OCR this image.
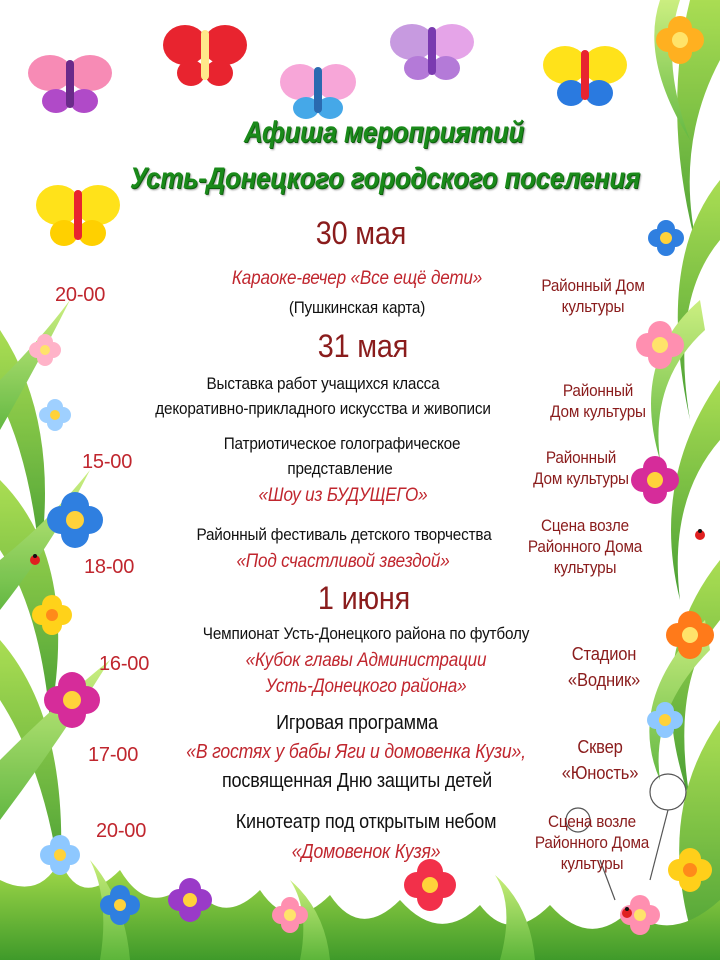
Афиша мероприятий
Усть-Донецкого городского поселения
30 мая
20-00
Караоке-вечер «Все ещё дети»
(Пушкинская карта)
Районный Дом
культуры
31 мая
Выставка работ учащихся класса
декоративно-прикладного искусства и живописи
Районный
Дом культуры
15-00
Патриотическое голографическое
представление
«Шоу из БУДУЩЕГО»
Районный
Дом культуры
18-00
Районный фестиваль детского творчества
«Под счастливой звездой»
Сцена возле
Районного Дома
культуры
1 июня
16-00
Чемпионат Усть-Донецкого района по футболу
«Кубок главы Администрации
Усть-Донецкого района»
Стадион
«Водник»
17-00
Игровая программа
«В гостях у бабы Яги и домовенка Кузи»,
посвященная Дню защиты детей
Сквер
«Юность»
20-00	Кинотеатр под открытым небом
«Домовенок Кузя»
Сцена возле
Районного Дома
культуры
